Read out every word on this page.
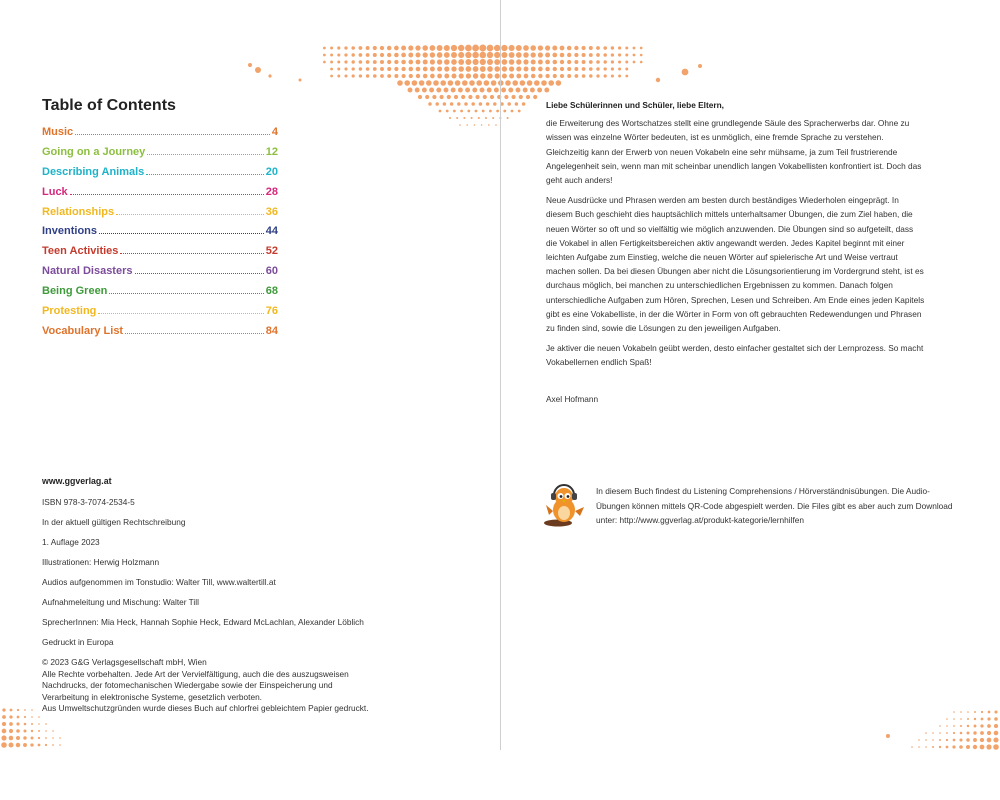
Table of Contents
Music	4
Going on a Journey	12
Describing Animals	20
Luck	28
Relationships	36
Inventions	44
Teen Activities	52
Natural Disasters	60
Being Green	68
Protesting	76
Vocabulary List	84
www.ggverlag.at
ISBN 978-3-7074-2534-5
In der aktuell gültigen Rechtschreibung
1. Auflage 2023
Illustrationen: Herwig Holzmann
Audios aufgenommen im Tonstudio: Walter Till, www.waltertill.at
Aufnahmeleitung und Mischung: Walter Till
SprecherInnen: Mia Heck, Hannah Sophie Heck, Edward McLachlan, Alexander Löblich
Gedruckt in Europa
© 2023 G&G Verlagsgesellschaft mbH, Wien
Alle Rechte vorbehalten. Jede Art der Vervielfältigung, auch die des auszugsweisen
Nachdrucks, der fotomechanischen Wiedergabe sowie der Einspeicherung und
Verarbeitung in elektronische Systeme, gesetzlich verboten.
Aus Umweltschutzgründen wurde dieses Buch auf chlorfrei gebleichtem Papier gedruckt.
Liebe Schülerinnen und Schüler, liebe Eltern,

die Erweiterung des Wortschatzes stellt eine grundlegende Säule des Spracherwerbs dar. Ohne zu wissen was einzelne Wörter bedeuten, ist es unmöglich, eine fremde Sprache zu verstehen. Gleichzeitig kann der Erwerb von neuen Vokabeln eine sehr mühsame, ja zum Teil frustrierende Angelegenheit sein, wenn man mit scheinbar unendlich langen Vokabellisten konfrontiert ist. Doch das geht auch anders!

Neue Ausdrücke und Phrasen werden am besten durch beständiges Wiederholen eingeprägt. In diesem Buch geschieht dies hauptsächlich mittels unterhaltsamer Übungen, die zum Ziel haben, die neuen Wörter so oft und so vielfältig wie möglich anzuwenden. Die Übungen sind so aufgeteilt, dass die Vokabel in allen Fertigkeitsbereichen aktiv angewandt werden. Jedes Kapitel beginnt mit einer leichten Aufgabe zum Einstieg, welche die neuen Wörter auf spielerische Art und Weise vertraut machen sollen. Da bei diesen Übungen aber nicht die Lösungsorientierung im Vordergrund steht, ist es durchaus möglich, bei manchen zu unterschiedlichen Ergebnissen zu kommen. Danach folgen unterschiedliche Aufgaben zum Hören, Sprechen, Lesen und Schreiben. Am Ende eines jeden Kapitels gibt es eine Vokabelliste, in der die Wörter in Form von oft gebrauchten Redewendungen und Phrasen zu finden sind, sowie die Lösungen zu den jeweiligen Aufgaben.

Je aktiver die neuen Vokabeln geübt werden, desto einfacher gestaltet sich der Lernprozess. So macht Vokabellernen endlich Spaß!

Axel Hofmann
In diesem Buch findest du Listening Comprehensions / Hörverständnisübungen. Die Audio-Übungen können mittels QR-Code abgespielt werden. Die Files gibt es aber auch zum Download unter: http://www.ggverlag.at/produkt-kategorie/lernhilfen
